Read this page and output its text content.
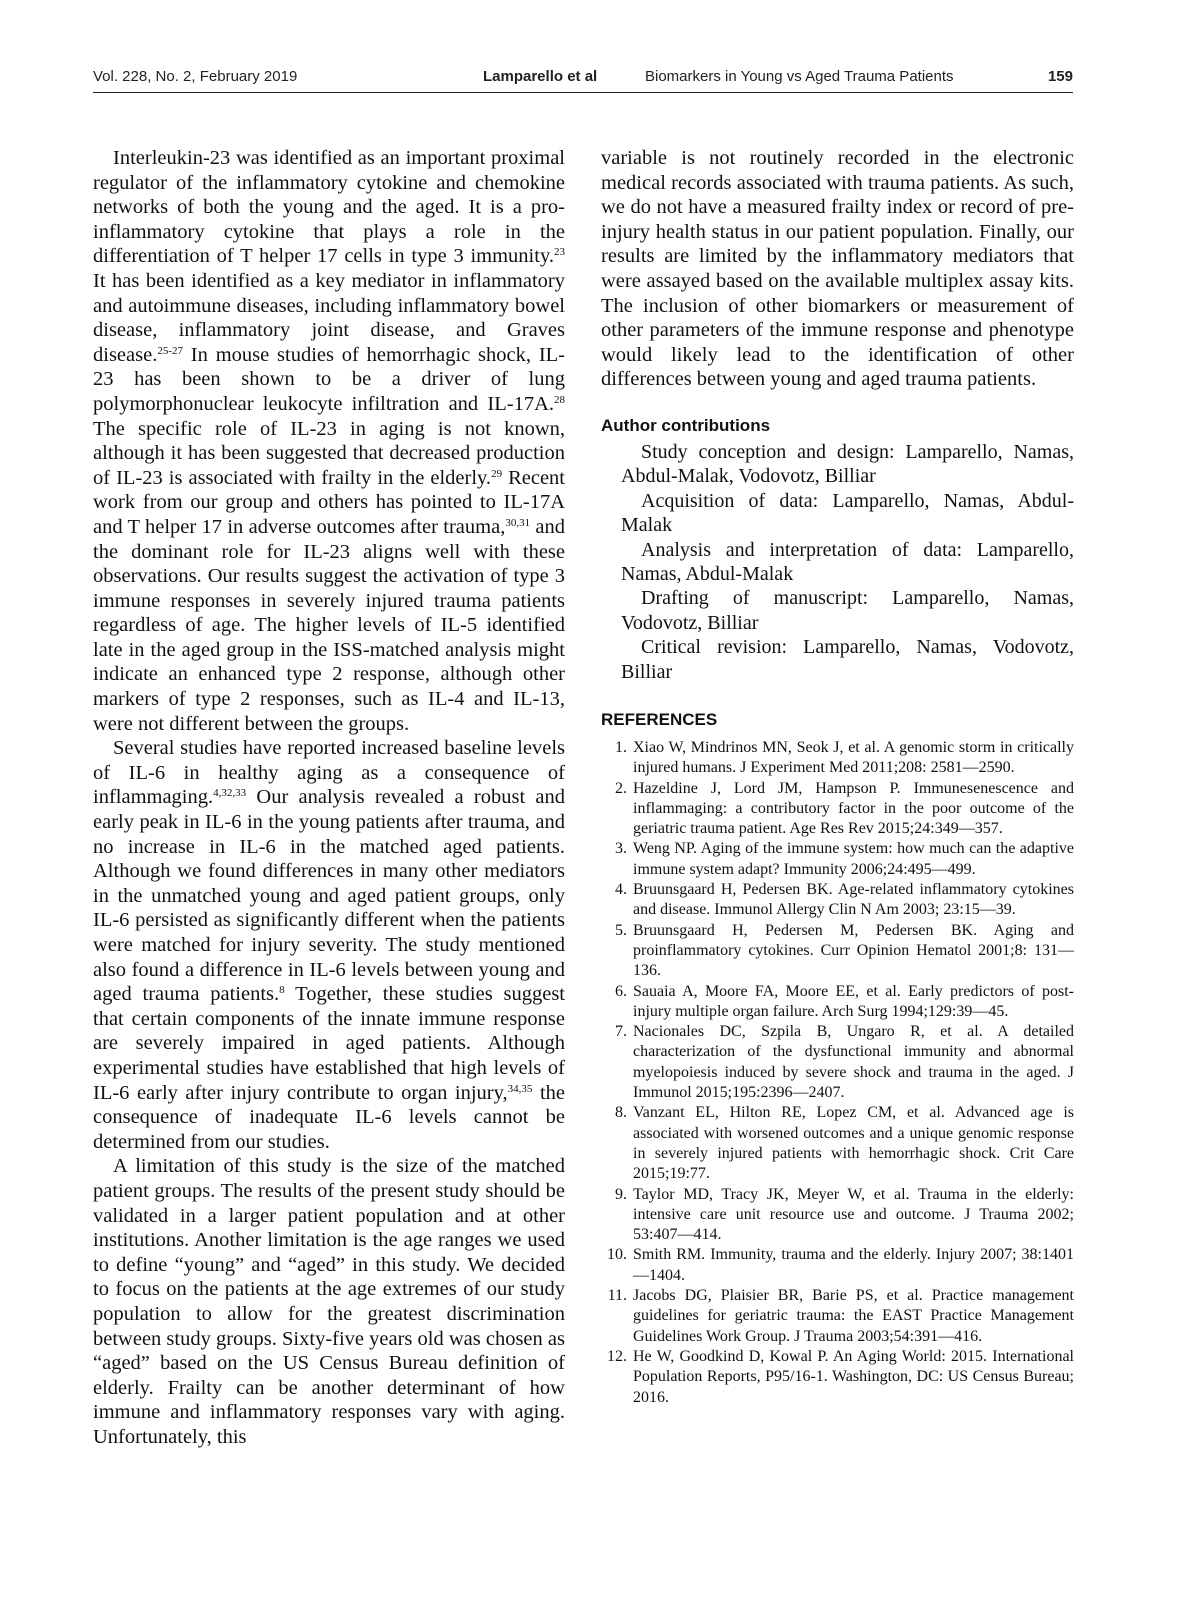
Vol. 228, No. 2, February 2019	Lamparello et al	Biomarkers in Young vs Aged Trauma Patients	159

Interleukin-23 was identified as an important proximal regulator of the inflammatory cytokine and chemokine networks of both the young and the aged. It is a pro-inflammatory cytokine that plays a role in the differentiation of T helper 17 cells in type 3 immunity.$^{23}$ It has been identified as a key mediator in inflammatory and autoimmune diseases, including inflammatory bowel disease, inflammatory joint disease, and Graves disease.$^{25-27}$ In mouse studies of hemorrhagic shock, IL-23 has been shown to be a driver of lung polymorphonuclear leukocyte infiltration and IL-17A.$^{28}$ The specific role of IL-23 in aging is not known, although it has been suggested that decreased production of IL-23 is associated with frailty in the elderly.$^{29}$ Recent work from our group and others has pointed to IL-17A and T helper 17 in adverse outcomes after trauma,$^{30,31}$ and the dominant role for IL-23 aligns well with these observations. Our results suggest the activation of type 3 immune responses in severely injured trauma patients regardless of age. The higher levels of IL-5 identified late in the aged group in the ISS-matched analysis might indicate an enhanced type 2 response, although other markers of type 2 responses, such as IL-4 and IL-13, were not different between the groups.

Several studies have reported increased baseline levels of IL-6 in healthy aging as a consequence of inflammaging.$^{4,32,33}$ Our analysis revealed a robust and early peak in IL-6 in the young patients after trauma, and no increase in IL-6 in the matched aged patients. Although we found differences in many other mediators in the unmatched young and aged patient groups, only IL-6 persisted as significantly different when the patients were matched for injury severity. The study mentioned also found a difference in IL-6 levels between young and aged trauma patients.$^8$ Together, these studies suggest that certain components of the innate immune response are severely impaired in aged patients. Although experimental studies have established that high levels of IL-6 early after injury contribute to organ injury,$^{34,35}$ the consequence of inadequate IL-6 levels cannot be determined from our studies.

A limitation of this study is the size of the matched patient groups. The results of the present study should be validated in a larger patient population and at other institutions. Another limitation is the age ranges we used to define “young” and “aged” in this study. We decided to focus on the patients at the age extremes of our study population to allow for the greatest discrimination between study groups. Sixty-five years old was chosen as “aged” based on the US Census Bureau definition of elderly. Frailty can be another determinant of how immune and inflammatory responses vary with aging. Unfortunately, this

variable is not routinely recorded in the electronic medical records associated with trauma patients. As such, we do not have a measured frailty index or record of pre-injury health status in our patient population. Finally, our results are limited by the inflammatory mediators that were assayed based on the available multiplex assay kits. The inclusion of other biomarkers or measurement of other parameters of the immune response and phenotype would likely lead to the identification of other differences between young and aged trauma patients.

Author contributions

Study conception and design: Lamparello, Namas, Abdul-Malak, Vodovotz, Billiar

Acquisition of data: Lamparello, Namas, Abdul-Malak

Analysis and interpretation of data: Lamparello, Namas, Abdul-Malak

Drafting of manuscript: Lamparello, Namas, Vodovotz, Billiar

Critical revision: Lamparello, Namas, Vodovotz, Billiar

REFERENCES
1. Xiao W, Mindrinos MN, Seok J, et al. A genomic storm in critically injured humans. J Experiment Med 2011;208: 2581—2590.
2. Hazeldine J, Lord JM, Hampson P. Immunesenescence and inflammaging: a contributory factor in the poor outcome of the geriatric trauma patient. Age Res Rev 2015;24:349—357.
3. Weng NP. Aging of the immune system: how much can the adaptive immune system adapt? Immunity 2006;24:495—499.
4. Bruunsgaard H, Pedersen BK. Age-related inflammatory cytokines and disease. Immunol Allergy Clin N Am 2003; 23:15—39.
5. Bruunsgaard H, Pedersen M, Pedersen BK. Aging and proinflammatory cytokines. Curr Opinion Hematol 2001;8: 131—136.
6. Sauaia A, Moore FA, Moore EE, et al. Early predictors of post-injury multiple organ failure. Arch Surg 1994;129:39—45.
7. Nacionales DC, Szpila B, Ungaro R, et al. A detailed characterization of the dysfunctional immunity and abnormal myelopoiesis induced by severe shock and trauma in the aged. J Immunol 2015;195:2396—2407.
8. Vanzant EL, Hilton RE, Lopez CM, et al. Advanced age is associated with worsened outcomes and a unique genomic response in severely injured patients with hemorrhagic shock. Crit Care 2015;19:77.
9. Taylor MD, Tracy JK, Meyer W, et al. Trauma in the elderly: intensive care unit resource use and outcome. J Trauma 2002; 53:407—414.
10. Smith RM. Immunity, trauma and the elderly. Injury 2007; 38:1401—1404.
11. Jacobs DG, Plaisier BR, Barie PS, et al. Practice management guidelines for geriatric trauma: the EAST Practice Management Guidelines Work Group. J Trauma 2003;54:391—416.
12. He W, Goodkind D, Kowal P. An Aging World: 2015. International Population Reports, P95/16-1. Washington, DC: US Census Bureau; 2016.
